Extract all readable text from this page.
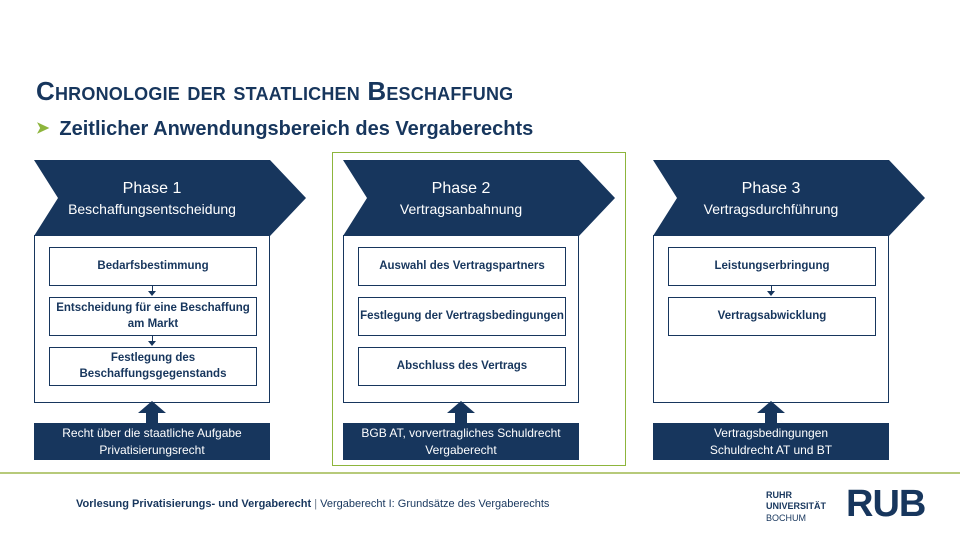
Chronologie der staatlichen Beschaffung
➤ Zeitlicher Anwendungsbereich des Vergaberechts
Phase 1
Beschaffungsentscheidung
Bedarfsbestimmung
Entscheidung für eine Beschaffung am Markt
Festlegung des Beschaffungsgegenstands
Recht über die staatliche Aufgabe
Privatisierungsrecht
Phase 2
Vertragsanbahnung
Auswahl des Vertragspartners
Festlegung der Vertragsbedingungen
Abschluss des Vertrags
BGB AT, vorvertragliches Schuldrecht
Vergaberecht
Phase 3
Vertragsdurchführung
Leistungserbringung
Vertragsabwicklung
Vertragsbedingungen
Schuldrecht AT und BT
Vorlesung Privatisierungs- und Vergaberecht | Vergaberecht I: Grundsätze des Vergaberechts
RUHR
UNIVERSITÄT
BOCHUM	RUB
